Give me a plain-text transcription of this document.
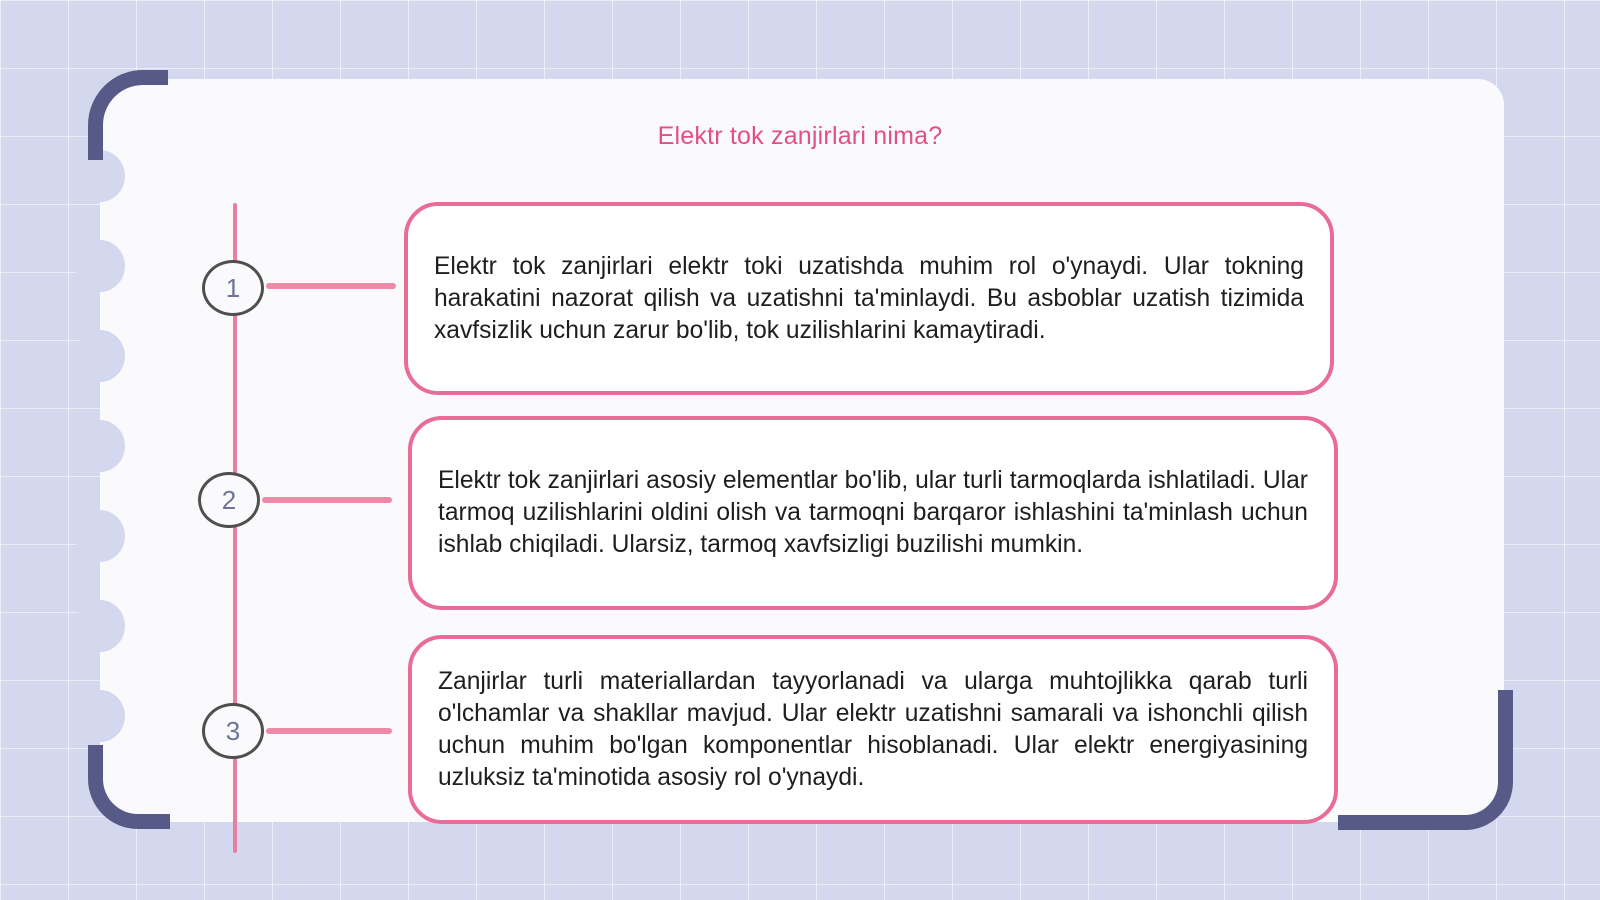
Elektr tok zanjirlari nima?
1
Elektr tok zanjirlari elektr toki uzatishda muhim rol o'ynaydi. Ular tokning harakatini nazorat qilish va uzatishni ta'minlaydi. Bu asboblar uzatish tizimida xavfsizlik uchun zarur bo'lib, tok uzilishlarini kamaytiradi.
2
Elektr tok zanjirlari asosiy elementlar bo'lib, ular turli tarmoqlarda ishlatiladi. Ular tarmoq uzilishlarini oldini olish va tarmoqni barqaror ishlashini ta'minlash uchun ishlab chiqiladi. Ularsiz, tarmoq xavfsizligi buzilishi mumkin.
3
Zanjirlar turli materiallardan tayyorlanadi va ularga muhtojlikka qarab turli o'lchamlar va shakllar mavjud. Ular elektr uzatishni samarali va ishonchli qilish uchun muhim bo'lgan komponentlar hisoblanadi. Ular elektr energiyasining uzluksiz ta'minotida asosiy rol o'ynaydi.
